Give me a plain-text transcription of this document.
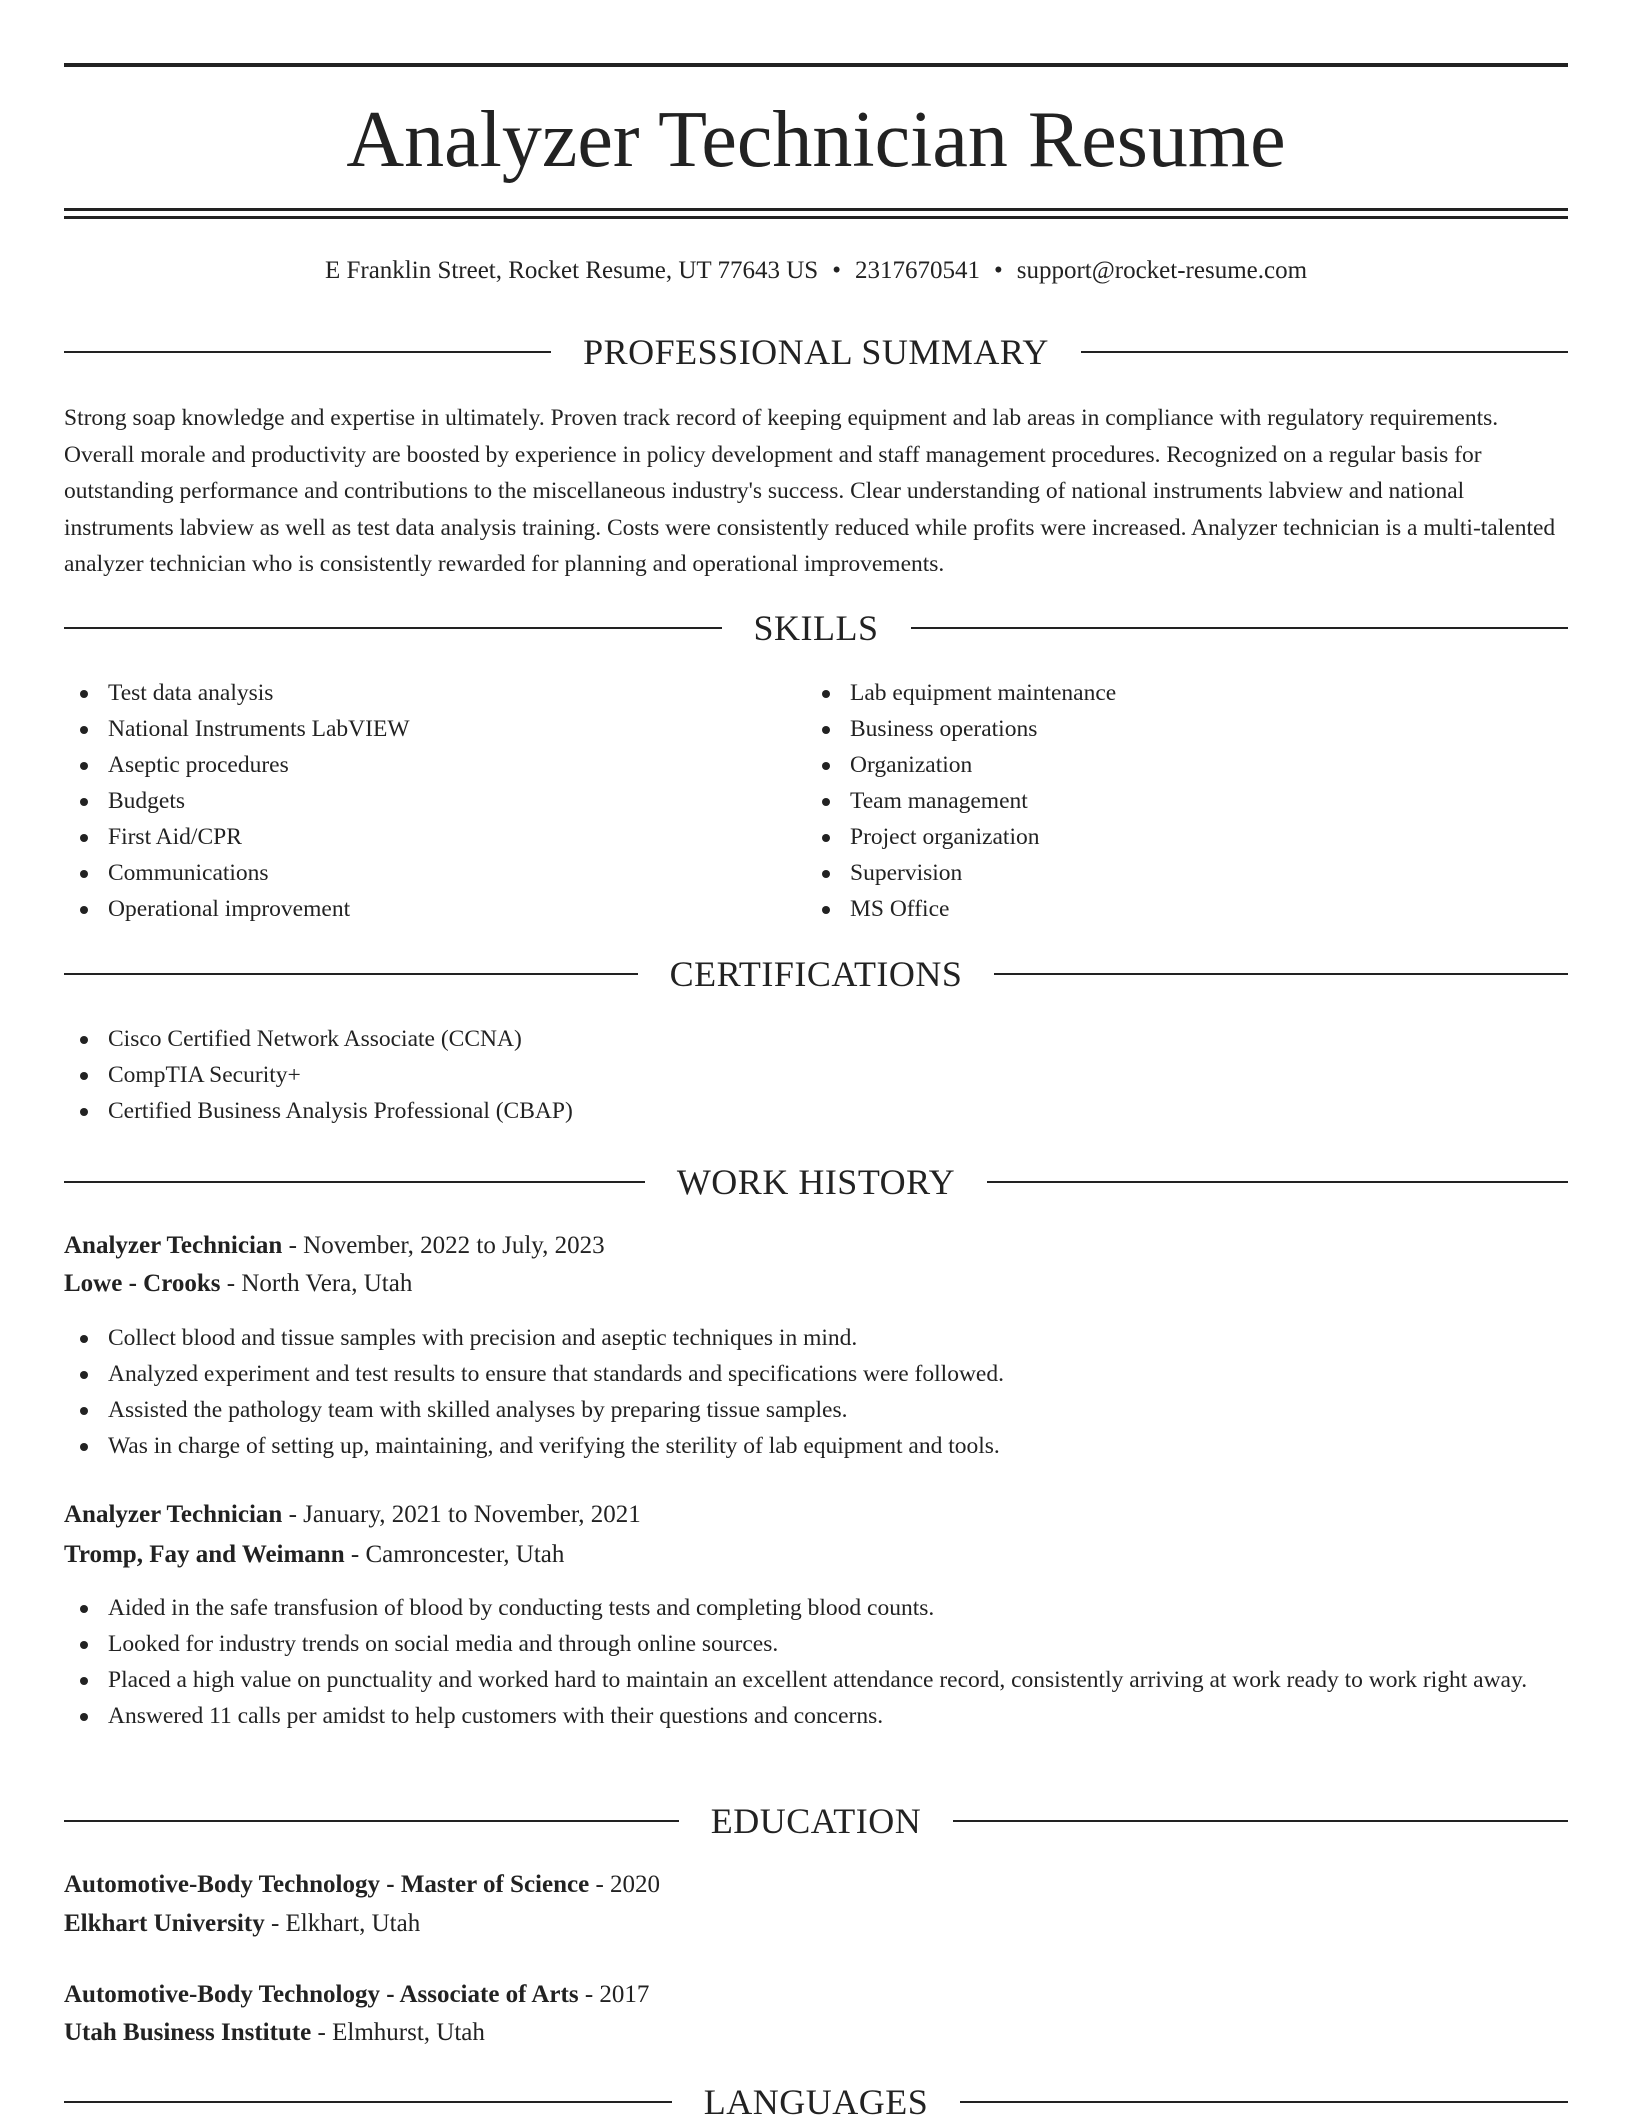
Analyzer Technician Resume
E Franklin Street, Rocket Resume, UT 77643 US • 2317670541 • support@rocket-resume.com
PROFESSIONAL SUMMARY

Strong soap knowledge and expertise in ultimately. Proven track record of keeping equipment and lab areas in compliance with regulatory requirements. Overall morale and productivity are boosted by experience in policy development and staff management procedures. Recognized on a regular basis for outstanding performance and contributions to the miscellaneous industry's success. Clear understanding of national instruments labview and national instruments labview as well as test data analysis training. Costs were consistently reduced while profits were increased. Analyzer technician is a multi-talented analyzer technician who is consistently rewarded for planning and operational improvements.

SKILLS
Test data analysis
National Instruments LabVIEW
Aseptic procedures
Budgets
First Aid/CPR
Communications
Operational improvement
Lab equipment maintenance
Business operations
Organization
Team management
Project organization
Supervision
MS Office
CERTIFICATIONS
Cisco Certified Network Associate (CCNA)
CompTIA Security+
Certified Business Analysis Professional (CBAP)
WORK HISTORY
Analyzer Technician - November, 2022 to July, 2023
Lowe - Crooks - North Vera, Utah
Collect blood and tissue samples with precision and aseptic techniques in mind.
Analyzed experiment and test results to ensure that standards and specifications were followed.
Assisted the pathology team with skilled analyses by preparing tissue samples.
Was in charge of setting up, maintaining, and verifying the sterility of lab equipment and tools.
Analyzer Technician - January, 2021 to November, 2021
Tromp, Fay and Weimann - Camroncester, Utah
Aided in the safe transfusion of blood by conducting tests and completing blood counts.
Looked for industry trends on social media and through online sources.
Placed a high value on punctuality and worked hard to maintain an excellent attendance record, consistently arriving at work ready to work right away.
Answered 11 calls per amidst to help customers with their questions and concerns.
EDUCATION
Automotive-Body Technology - Master of Science - 2020
Elkhart University - Elkhart, Utah
Automotive-Body Technology - Associate of Arts - 2017
Utah Business Institute - Elmhurst, Utah
LANGUAGES
